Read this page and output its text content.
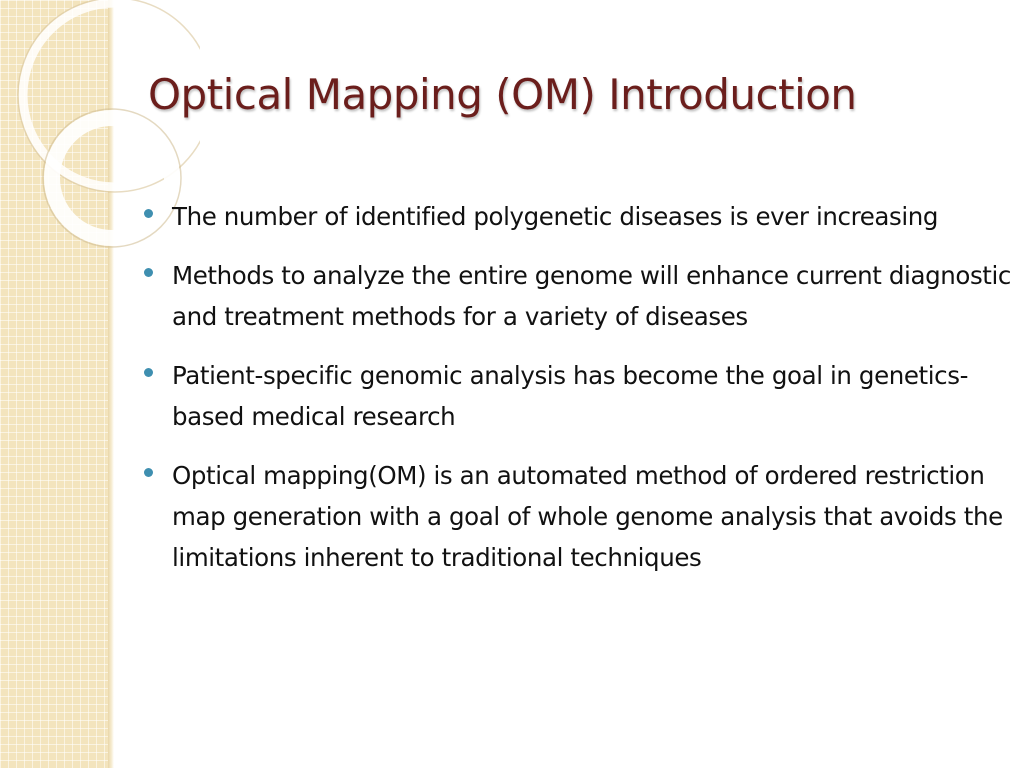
Optical Mapping (OM) Introduction
The number of identified polygenetic diseases is ever increasing
Methods to analyze the entire genome will enhance current diagnostic and treatment methods for a variety of diseases
Patient-specific genomic analysis has become the goal in genetics-based medical research
Optical mapping(OM) is an automated method of ordered restriction map generation with a goal of whole genome analysis that avoids the limitations inherent to traditional techniques
